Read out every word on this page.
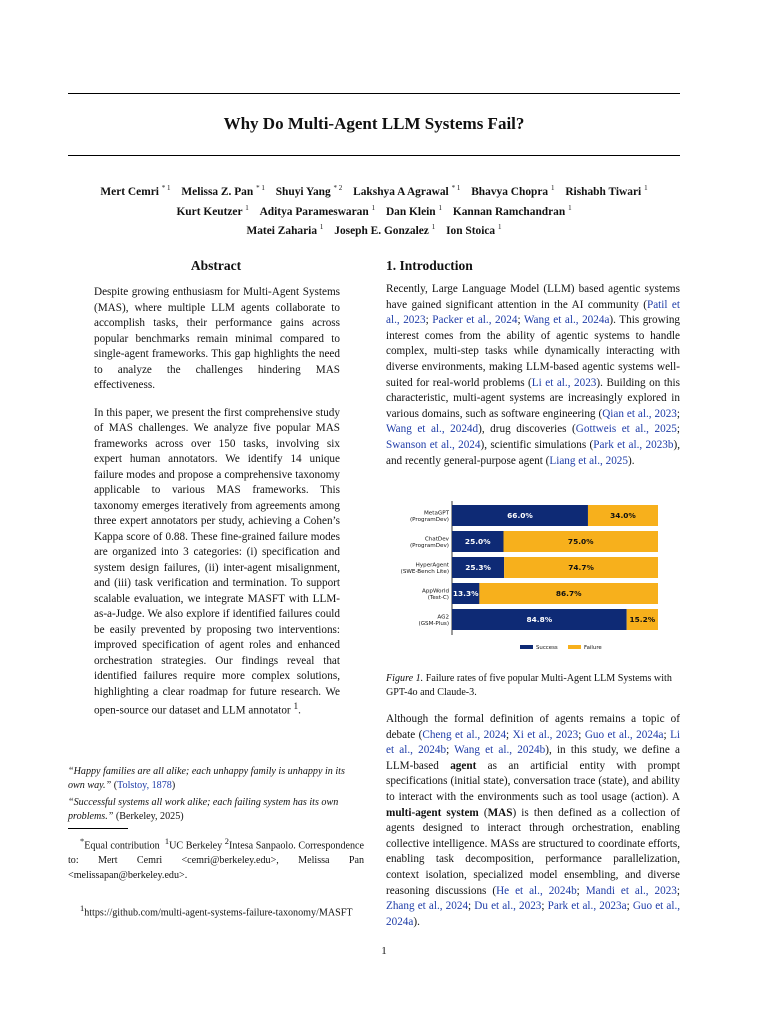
Why Do Multi-Agent LLM Systems Fail?
Mert Cemri $^{* 1}$ Melissa Z. Pan $^{* 1}$ Shuyi Yang $^{* 2}$ Lakshya A Agrawal $^{* 1}$ Bhavya Chopra $^1$ Rishabh Tiwari $^1$
Kurt Keutzer $^1$ Aditya Parameswaran $^1$ Dan Klein $^1$ Kannan Ramchandran $^1$
Matei Zaharia $^1$ Joseph E. Gonzalez $^1$ Ion Stoica $^1$
Abstract

Despite growing enthusiasm for Multi-Agent Systems (MAS), where multiple LLM agents collaborate to accomplish tasks, their performance gains across popular benchmarks remain minimal compared to single-agent frameworks. This gap highlights the need to analyze the challenges hindering MAS effectiveness.

In this paper, we present the first comprehensive study of MAS challenges. We analyze five popular MAS frameworks across over 150 tasks, involving six expert human annotators. We identify 14 unique failure modes and propose a comprehensive taxonomy applicable to various MAS frameworks. This taxonomy emerges iteratively from agreements among three expert annotators per study, achieving a Cohen’s Kappa score of 0.88. These fine-grained failure modes are organized into 3 categories: (i) specification and system design failures, (ii) inter-agent misalignment, and (iii) task verification and termination. To support scalable evaluation, we integrate MASFT with LLM-as-a-Judge. We also explore if identified failures could be easily prevented by proposing two interventions: improved specification of agent roles and enhanced orchestration strategies. Our findings reveal that identified failures require more complex solutions, highlighting a clear roadmap for future research. We open-source our dataset and LLM annotator $^1$.

“Happy families are all alike; each unhappy family is unhappy in its own way.” (Tolstoy, 1878)

“Successful systems all work alike; each failing system has its own problems.” (Berkeley, 2025)

*Equal contribution $^1$UC Berkeley $^2$Intesa Sanpaolo. Correspondence to: Mert Cemri <cemri@berkeley.edu>, Melissa Pan <melissapan@berkeley.edu>.

$^1$https://github.com/multi-agent-systems-failure-taxonomy/MASFT

1. Introduction
Recently, Large Language Model (LLM) based agentic systems have gained significant attention in the AI community (Patil et al., 2023; Packer et al., 2024; Wang et al., 2024a). This growing interest comes from the ability of agentic systems to handle complex, multi-step tasks while dynamically interacting with diverse environments, making LLM-based agentic systems well-suited for real-world problems (Li et al., 2023). Building on this characteristic, multi-agent systems are increasingly explored in various domains, such as software engineering (Qian et al., 2023; Wang et al., 2024d), drug discoveries (Gottweis et al., 2025; Swanson et al., 2024), scientific simulations (Park et al., 2023b), and recently general-purpose agent (Liang et al., 2025).
66.0%	34.0%
MetaGPT
(ProgramDev)
25.0%	75.0%
ChatDev
(ProgramDev)
25.3%	74.7%
HyperAgent
(SWE-Bench Lite)
13.3%	86.7%
AppWorld
(Test-C)
84.8%	15.2%
AG2
(GSM-Plus)
Success	Failure
Figure 1. Failure rates of five popular Multi-Agent LLM Systems with GPT-4o and Claude-3.
Although the formal definition of agents remains a topic of debate (Cheng et al., 2024; Xi et al., 2023; Guo et al., 2024a; Li et al., 2024b; Wang et al., 2024b), in this study, we define a LLM-based agent as an artificial entity with prompt specifications (initial state), conversation trace (state), and ability to interact with the environments such as tool usage (action). A multi-agent system (MAS) is then defined as a collection of agents designed to interact through orchestration, enabling collective intelligence. MASs are structured to coordinate efforts, enabling task decomposition, performance parallelization, context isolation, specialized model ensembling, and diverse reasoning discussions (He et al., 2024b; Mandi et al., 2023; Zhang et al., 2024; Du et al., 2023; Park et al., 2023a; Guo et al., 2024a).
1
